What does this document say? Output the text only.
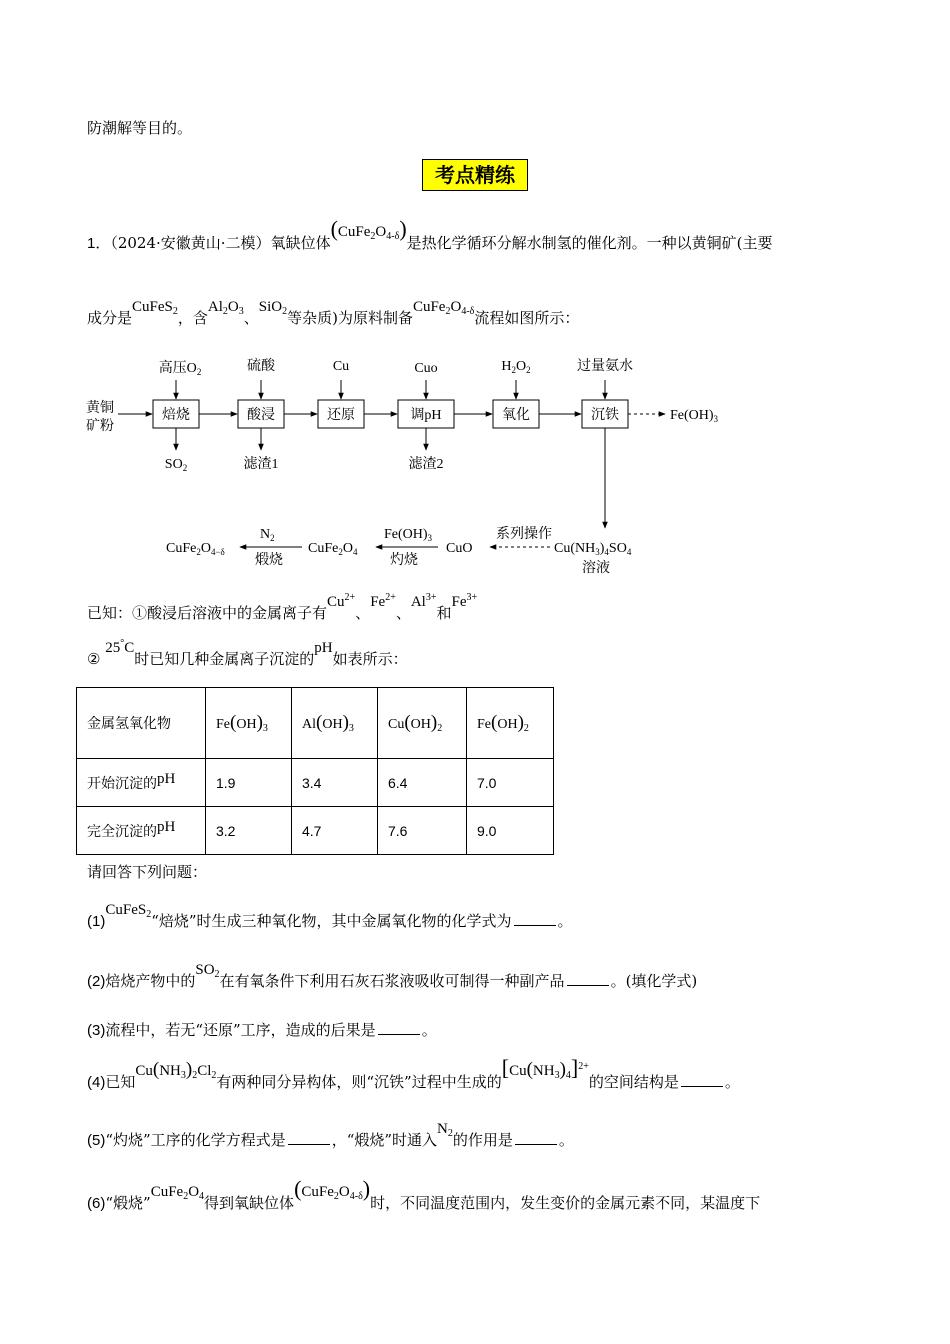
防潮解等目的。
考点精练
1．（2024·安徽黄山·二模）氧缺位体$(CuFe_2O_{4-\delta})$是热化学循环分解水制氢的催化剂。一种以黄铜矿(主要
成分是CuFeS$_2$，含$Al_2O_3$、SiO$_2$等杂质)为原料制备$CuFe_2O_{4-\delta}$流程如图所示：
黄铜
矿粉
焙烧	酸浸	还原	调pH	氧化	沉铁
高压$O_2$	硫酸	Cu	Cuo	$H_2O_2$	过量氨水
$SO_2$	滤渣1	滤渣2
$Fe(OH)_3$
$Cu(NH_3)_4SO_4$
溶液
系列操作
CuO
$Fe(OH)_3$
灼烧
$CuFe_2O_4$
$N_2$
煅烧
$CuFe_2O_{4-\delta}$
已知：①酸浸后溶液中的金属离子有$Cu^{2+}$、$Fe^{2+}$、$Al^{3+}$和$Fe^{3+}$
② 25°C时已知几种金属离子沉淀的pH如表所示：
金属氢氧化物	$Fe(OH)_3$	$Al(OH)_3$	$Cu(OH)_2$	$Fe(OH)_2$
开始沉淀的pH	1.9	3.4	6.4	7.0
完全沉淀的pH	3.2	4.7	7.6	9.0
请回答下列问题：
(1)CuFeS$_2$“焙烧”时生成三种氧化物，其中金属氧化物的化学式为	。
(2)焙烧产物中的$SO_2$在有氧条件下利用石灰石浆液吸收可制得一种副产品	。(填化学式)
(3)流程中，若无“还原”工序，造成的后果是	。
(4)已知$Cu(NH_3)_2Cl_2$有两种同分异构体，则“沉铁”过程中生成的$[Cu(NH_3)_4]^{2+}$的空间结构是	。
(5)“灼烧”工序的化学方程式是	，“煅烧”时通入$N_2$的作用是	。
(6)“煅烧$”CuFe_2O_4$得到氧缺位体$(CuFe_2O_{4-\delta})$时，不同温度范围内，发生变价的金属元素不同，某温度下
